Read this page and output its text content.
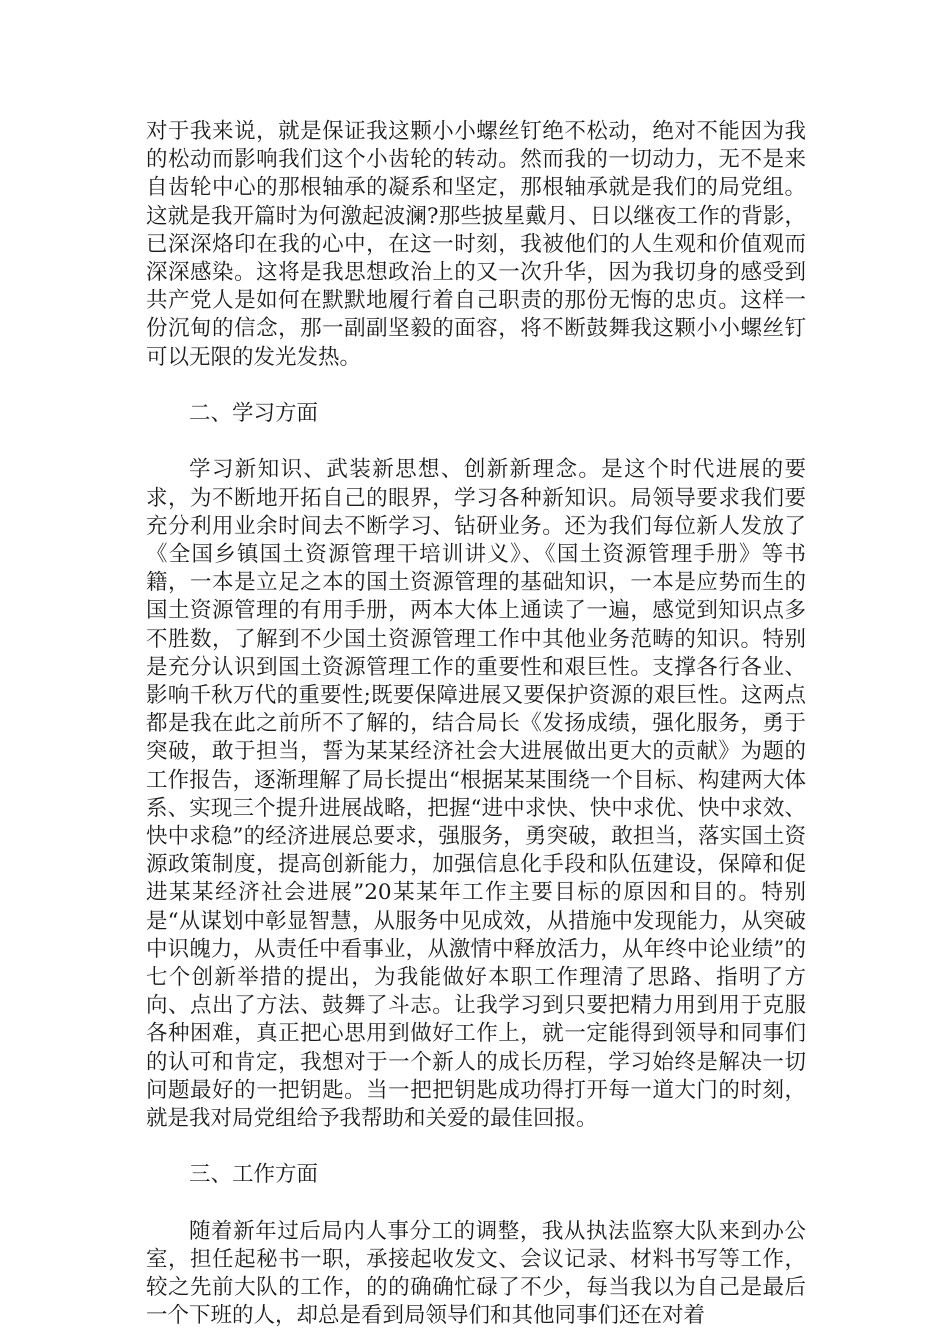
对于我来说，就是保证我这颗小小螺丝钉绝不松动，绝对不能因为我的松动而影响我们这个小齿轮的转动。然而我的一切动力，无不是来自齿轮中心的那根轴承的凝系和坚定，那根轴承就是我们的局党组。这就是我开篇时为何激起波澜?那些披星戴月、日以继夜工作的背影，已深深烙印在我的心中，在这一时刻，我被他们的人生观和价值观而深深感染。这将是我思想政治上的又一次升华，因为我切身的感受到共产党人是如何在默默地履行着自己职责的那份无悔的忠贞。这样一份沉甸的信念，那一副副坚毅的面容，将不断鼓舞我这颗小小螺丝钉可以无限的发光发热。

二、学习方面

学习新知识、武装新思想、创新新理念。是这个时代进展的要求，为不断地开拓自己的眼界，学习各种新知识。局领导要求我们要充分利用业余时间去不断学习、钻研业务。还为我们每位新人发放了《全国乡镇国土资源管理干培训讲义》、《国土资源管理手册》等书籍，一本是立足之本的国土资源管理的基础知识，一本是应势而生的国土资源管理的有用手册，两本大体上通读了一遍，感觉到知识点多不胜数，了解到不少国土资源管理工作中其他业务范畴的知识。特别是充分认识到国土资源管理工作的重要性和艰巨性。支撑各行各业、影响千秋万代的重要性;既要保障进展又要保护资源的艰巨性。这两点都是我在此之前所不了解的，结合局长《发扬成绩，强化服务，勇于突破，敢于担当，誓为某某经济社会大进展做出更大的贡献》为题的工作报告，逐渐理解了局长提出“根据某某围绕一个目标、构建两大体系、实现三个提升进展战略，把握“进中求快、快中求优、快中求效、快中求稳”的经济进展总要求，强服务，勇突破，敢担当，落实国土资源政策制度，提高创新能力，加强信息化手段和队伍建设，保障和促进某某经济社会进展”20某某年工作主要目标的原因和目的。特别是“从谋划中彰显智慧，从服务中见成效，从措施中发现能力，从突破中识魄力，从责任中看事业，从激情中释放活力，从年终中论业绩”的七个创新举措的提出，为我能做好本职工作理清了思路、指明了方向、点出了方法、鼓舞了斗志。让我学习到只要把精力用到用于克服各种困难，真正把心思用到做好工作上，就一定能得到领导和同事们的认可和肯定，我想对于一个新人的成长历程，学习始终是解决一切问题最好的一把钥匙。当一把把钥匙成功得打开每一道大门的时刻，就是我对局党组给予我帮助和关爱的最佳回报。

三、工作方面

随着新年过后局内人事分工的调整，我从执法监察大队来到办公室，担任起秘书一职，承接起收发文、会议记录、材料书写等工作，较之先前大队的工作，的的确确忙碌了不少，每当我以为自己是最后一个下班的人，却总是看到局领导们和其他同事们还在对着
